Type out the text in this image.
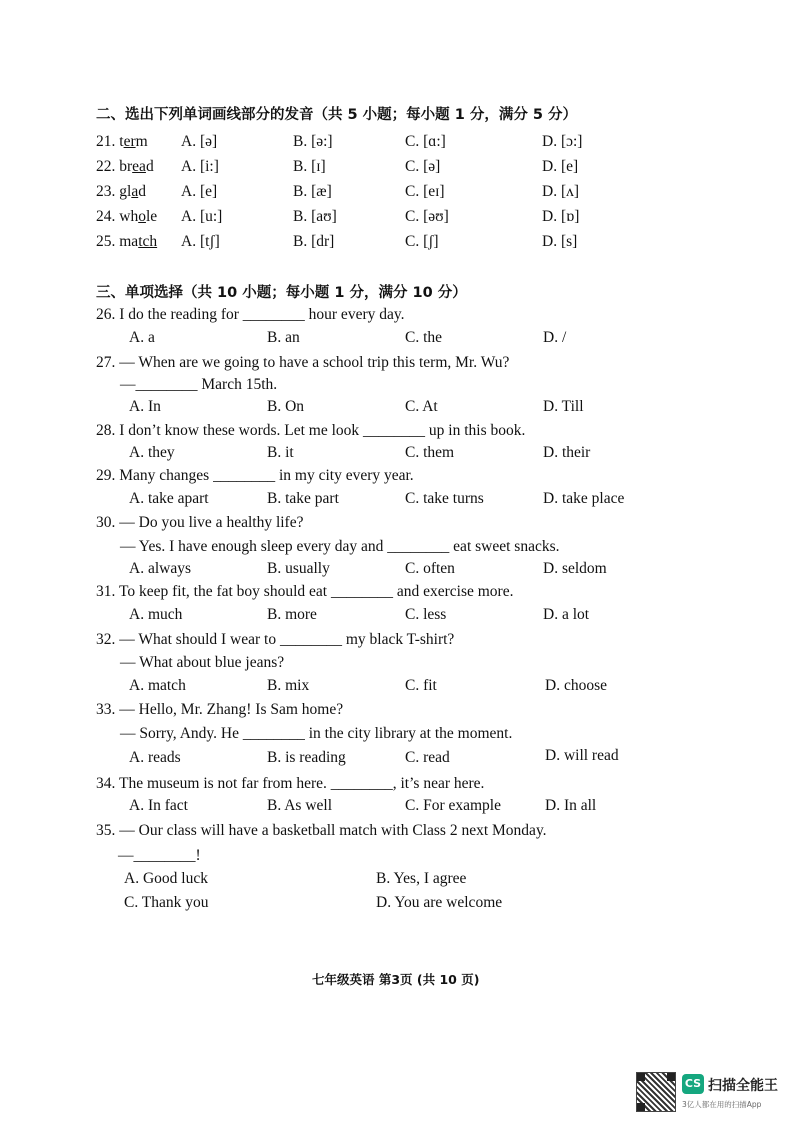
二、选出下列单词画线部分的发音（共 5 小题；每小题 1 分，满分 5 分）
21. term A. [ə]	B. [ə:]	C. [ɑ:]	D. [ɔ:]
22. bread A. [i:]	B. [ɪ]	C. [ə]	D. [e]
23. glad A. [e]	B. [æ]	C. [eɪ]	D. [ʌ]
24. whole A. [u:]	B. [aʊ]	C. [əʊ]	D. [ɒ]
25. match A. [tʃ]	B. [dr]	C. [ʃ]	D. [s]
三、单项选择（共 10 小题；每小题 1 分，满分 10 分）
26. I do the reading for ________ hour every day.
A. a	B. an	C. the	D. /
27. — When are we going to have a school trip this term, Mr. Wu?
—________ March 15th.
A. In	B. On	C. At	D. Till
28. I don’t know these words. Let me look ________ up in this book.
A. they	B. it	C. them	D. their
29. Many changes ________ in my city every year.
A. take apart	B. take part	C. take turns	D. take place
30. — Do you live a healthy life?
— Yes. I have enough sleep every day and ________ eat sweet snacks.
A. always	B. usually	C. often	D. seldom
31. To keep fit, the fat boy should eat ________ and exercise more.
A. much	B. more	C. less	D. a lot
32. — What should I wear to ________ my black T-shirt?
— What about blue jeans?
A. match	B. mix	C. fit	D. choose
33. — Hello, Mr. Zhang! Is Sam home?
— Sorry, Andy. He ________ in the city library at the moment.
A. reads	B. is reading	C. read	D. will read
34. The museum is not far from here. ________, it’s near here.
A. In fact	B. As well	C. For example	D. In all
35. — Our class will have a basketball match with Class 2 next Monday.
—________!
A. Good luck	B. Yes, I agree
C. Thank you	D. You are welcome
七年级英语 第3页 (共 10 页)
CS 扫描全能王
3亿人都在用的扫描App
